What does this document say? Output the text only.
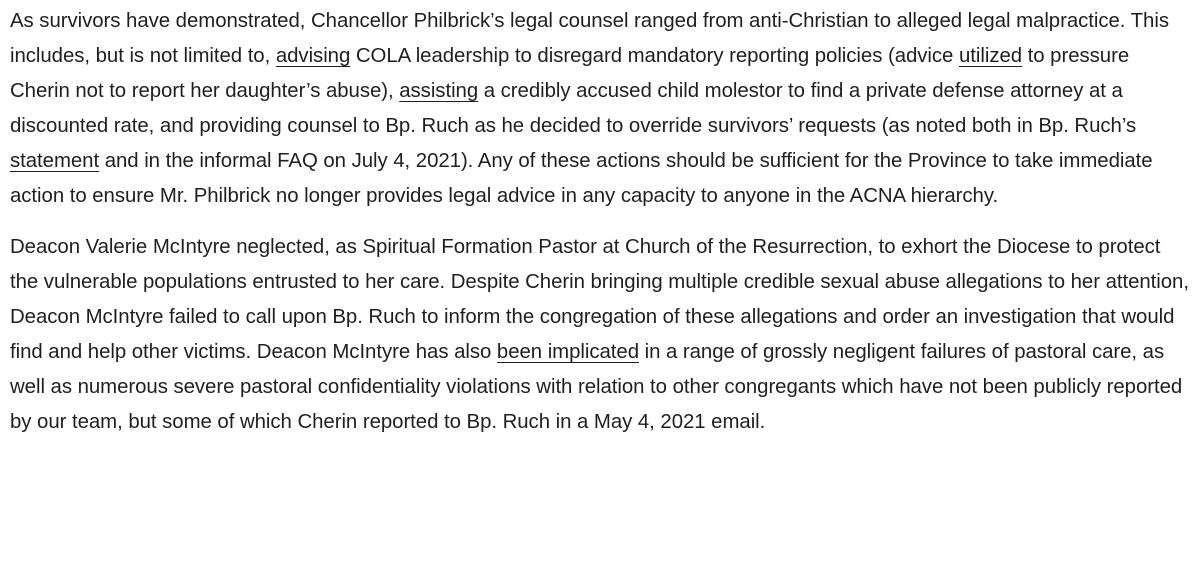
As survivors have demonstrated, Chancellor Philbrick’s legal counsel ranged from anti-Christian to alleged legal malpractice. This includes, but is not limited to, advising COLA leadership to disregard mandatory reporting policies (advice utilized to pressure Cherin not to report her daughter’s abuse), assisting a credibly accused child molestor to find a private defense attorney at a discounted rate, and providing counsel to Bp. Ruch as he decided to override survivors’ requests (as noted both in Bp. Ruch’s statement and in the informal FAQ on July 4, 2021). Any of these actions should be sufficient for the Province to take immediate action to ensure Mr. Philbrick no longer provides legal advice in any capacity to anyone in the ACNA hierarchy.

Deacon Valerie McIntyre neglected, as Spiritual Formation Pastor at Church of the Resurrection, to exhort the Diocese to protect the vulnerable populations entrusted to her care. Despite Cherin bringing multiple credible sexual abuse allegations to her attention, Deacon McIntyre failed to call upon Bp. Ruch to inform the congregation of these allegations and order an investigation that would find and help other victims. Deacon McIntyre has also been implicated in a range of grossly negligent failures of pastoral care, as well as numerous severe pastoral confidentiality violations with relation to other congregants which have not been publicly reported by our team, but some of which Cherin reported to Bp. Ruch in a May 4, 2021 email.
